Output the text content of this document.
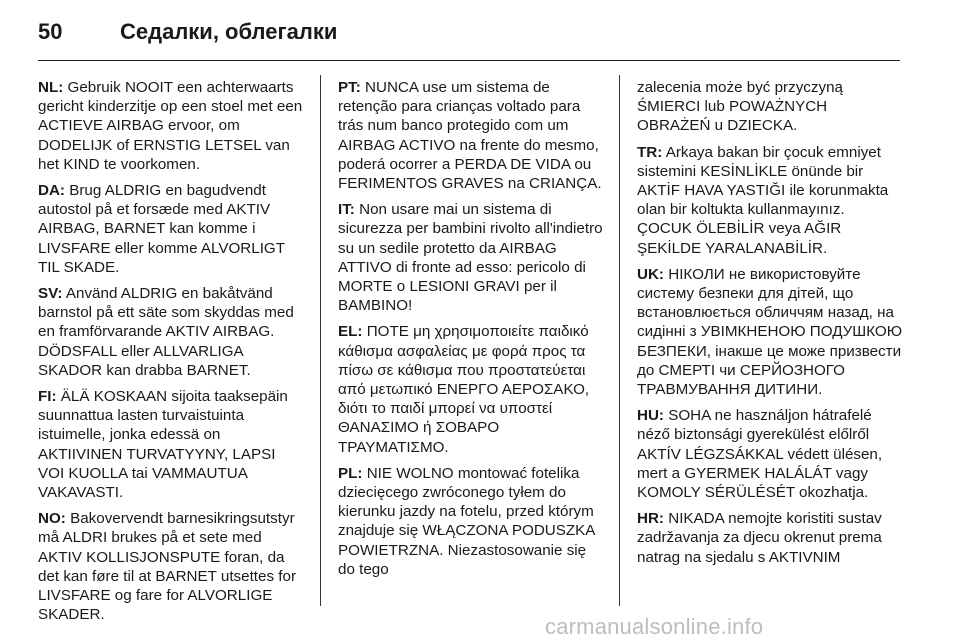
50	Седалки, облегалки

NL: Gebruik NOOIT een achterwaarts gericht kinderzitje op een stoel met een ACTIEVE AIRBAG ervoor, om DODELIJK of ERNSTIG LETSEL van het KIND te voorkomen.

DA: Brug ALDRIG en bagudvendt autostol på et forsæde med AKTIV AIRBAG, BARNET kan komme i LIVSFARE eller komme ALVORLIGT TIL SKADE.

SV: Använd ALDRIG en bakåtvänd barnstol på ett säte som skyddas med en framförvarande AKTIV AIRBAG. DÖDSFALL eller ALLVARLIGA SKADOR kan drabba BARNET.

FI: ÄLÄ KOSKAAN sijoita taaksepäin suunnattua lasten turvaistuinta istuimelle, jonka edessä on AKTIIVINEN TURVATYYNY, LAPSI VOI KUOLLA tai VAMMAUTUA VAKAVASTI.

NO: Bakovervendt barnesikringsutstyr må ALDRI brukes på et sete med AKTIV KOLLISJONSPUTE foran, da det kan føre til at BARNET utsettes for LIVSFARE og fare for ALVORLIGE SKADER.

PT: NUNCA use um sistema de retenção para crianças voltado para trás num banco protegido com um AIRBAG ACTIVO na frente do mesmo, poderá ocorrer a PERDA DE VIDA ou FERIMENTOS GRAVES na CRIANÇA.

IT: Non usare mai un sistema di sicurezza per bambini rivolto all'indietro su un sedile protetto da AIRBAG ATTIVO di fronte ad esso: pericolo di MORTE o LESIONI GRAVI per il BAMBINO!

EL: ΠΟΤΕ μη χρησιμοποιείτε παιδικό κάθισμα ασφαλείας με φορά προς τα πίσω σε κάθισμα που προστατεύεται από μετωπικό ΕΝΕΡΓΟ ΑΕΡΟΣΑΚΟ, διότι το παιδί μπορεί να υποστεί ΘΑΝΑΣΙΜΟ ή ΣΟΒΑΡΟ ΤΡΑΥΜΑΤΙΣΜΟ.

PL: NIE WOLNO montować fotelika dziecięcego zwróconego tyłem do kierunku jazdy na fotelu, przed którym znajduje się WŁĄCZONA PODUSZKA POWIETRZNA. Niezastosowanie się do tego

zalecenia może być przyczyną ŚMIERCI lub POWAŻNYCH OBRAŻEŃ u DZIECKA.

TR: Arkaya bakan bir çocuk emniyet sistemini KESİNLİKLE önünde bir AKTİF HAVA YASTIĞI ile korunmakta olan bir koltukta kullanmayınız. ÇOCUK ÖLEBİLİR veya AĞIR ŞEKİLDE YARALANABİLİR.

UK: НІКОЛИ не використовуйте систему безпеки для дітей, що встановлюється обличчям назад, на сидінні з УВІМКНЕНОЮ ПОДУШКОЮ БЕЗПЕКИ, інакше це може призвести до СМЕРТІ чи СЕРЙОЗНОГО ТРАВМУВАННЯ ДИТИНИ.

HU: SOHA ne használjon hátrafelé néző biztonsági gyerekülést előlről AKTÍV LÉGZSÁKKAL védett ülésen, mert a GYERMEK HALÁLÁT vagy KOMOLY SÉRÜLÉSÉT okozhatja.

HR: NIKADA nemojte koristiti sustav zadržavanja za djecu okrenut prema natrag na sjedalu s AKTIVNIM

carmanualsonline.info
